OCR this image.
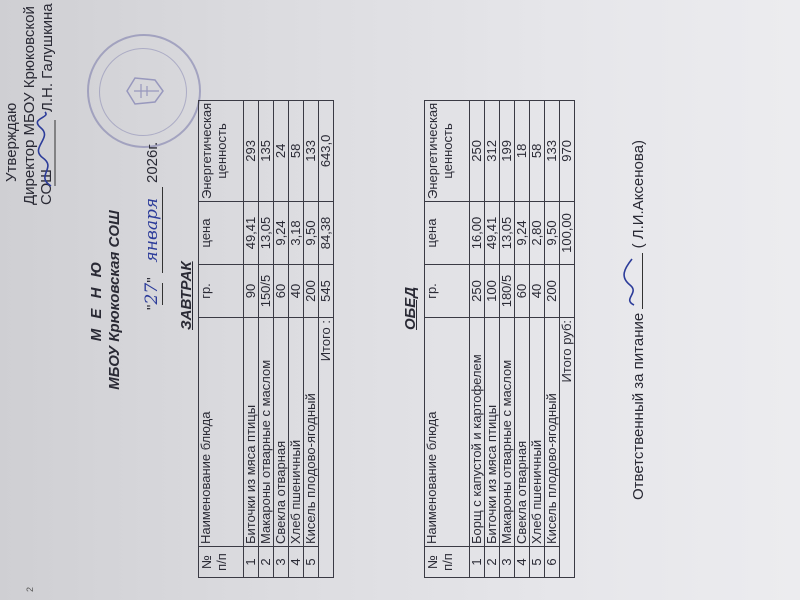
2
Утверждаю Директор МБОУ Крюковской СОШ
Л.Н. Галушкина
М Е Н Ю МБОУ Крюковская СОШ "27" января 2026г.
ЗАВТРАК
№ п/п	Наименование блюда	гр.	цена	Энергетическая ценность
1	Биточки из мяса птицы	90	49,41	293
2	Макароны отварные с маслом	150/5	13,05	135
3	Свекла отварная	60	9,24	24
4	Хлеб пшеничный	40	3,18	58
5	Кисель плодово-ягодный	200	9,50	133
Итого :		545	84,38	643,0
ОБЕД
№ п/п	Наименование блюда	гр.	цена	Энергетическая ценность
1	Борщ с капустой и картофелем	250	16,00	250
2	Биточки из мяса птицы	100	49,41	312
3	Макароны отварные с маслом	180/5	13,05	199
4	Свекла отварная	60	9,24	18
5	Хлеб пшеничный	40	2,80	58
6	Кисель плодово-ягодный	200	9,50	133
Итого руб:			100,00	970
Ответственный за питание
( Л.И.Аксенова)
